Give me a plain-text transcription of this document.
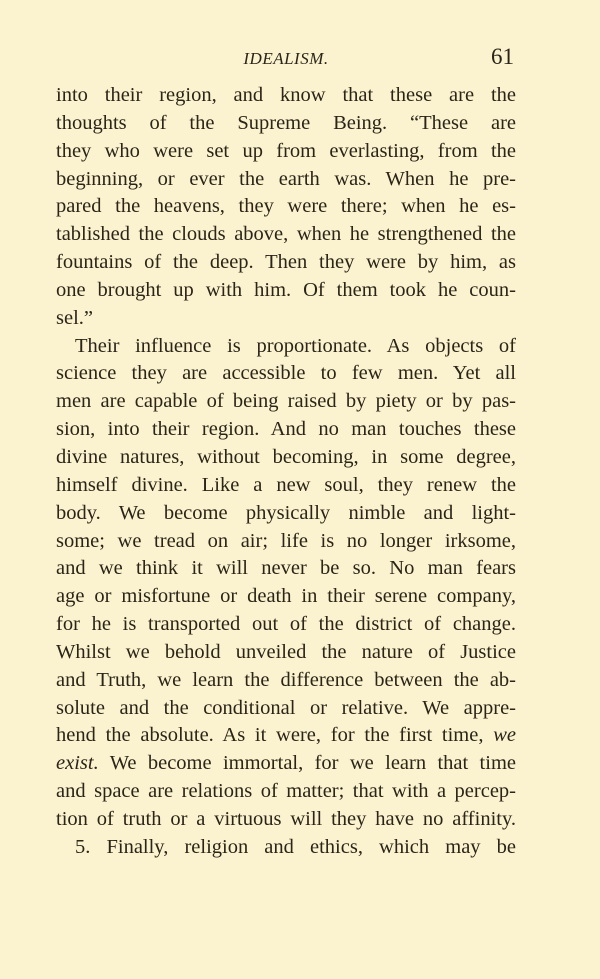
IDEALISM.	61
into their region, and know that these are the
thoughts of the Supreme Being. “These are
they who were set up from everlasting, from the
beginning, or ever the earth was. When he pre-
pared the heavens, they were there; when he es-
tablished the clouds above, when he strengthened the
fountains of the deep. Then they were by him, as
one brought up with him. Of them took he coun-
sel.”
Their influence is proportionate. As objects of
science they are accessible to few men. Yet all
men are capable of being raised by piety or by pas-
sion, into their region. And no man touches these
divine natures, without becoming, in some degree,
himself divine. Like a new soul, they renew the
body. We become physically nimble and light-
some; we tread on air; life is no longer irksome,
and we think it will never be so. No man fears
age or misfortune or death in their serene company,
for he is transported out of the district of change.
Whilst we behold unveiled the nature of Justice
and Truth, we learn the difference between the ab-
solute and the conditional or relative. We appre-
hend the absolute. As it were, for the first time, we
exist. We become immortal, for we learn that time
and space are relations of matter; that with a percep-
tion of truth or a virtuous will they have no affinity.
5. Finally, religion and ethics, which may be
